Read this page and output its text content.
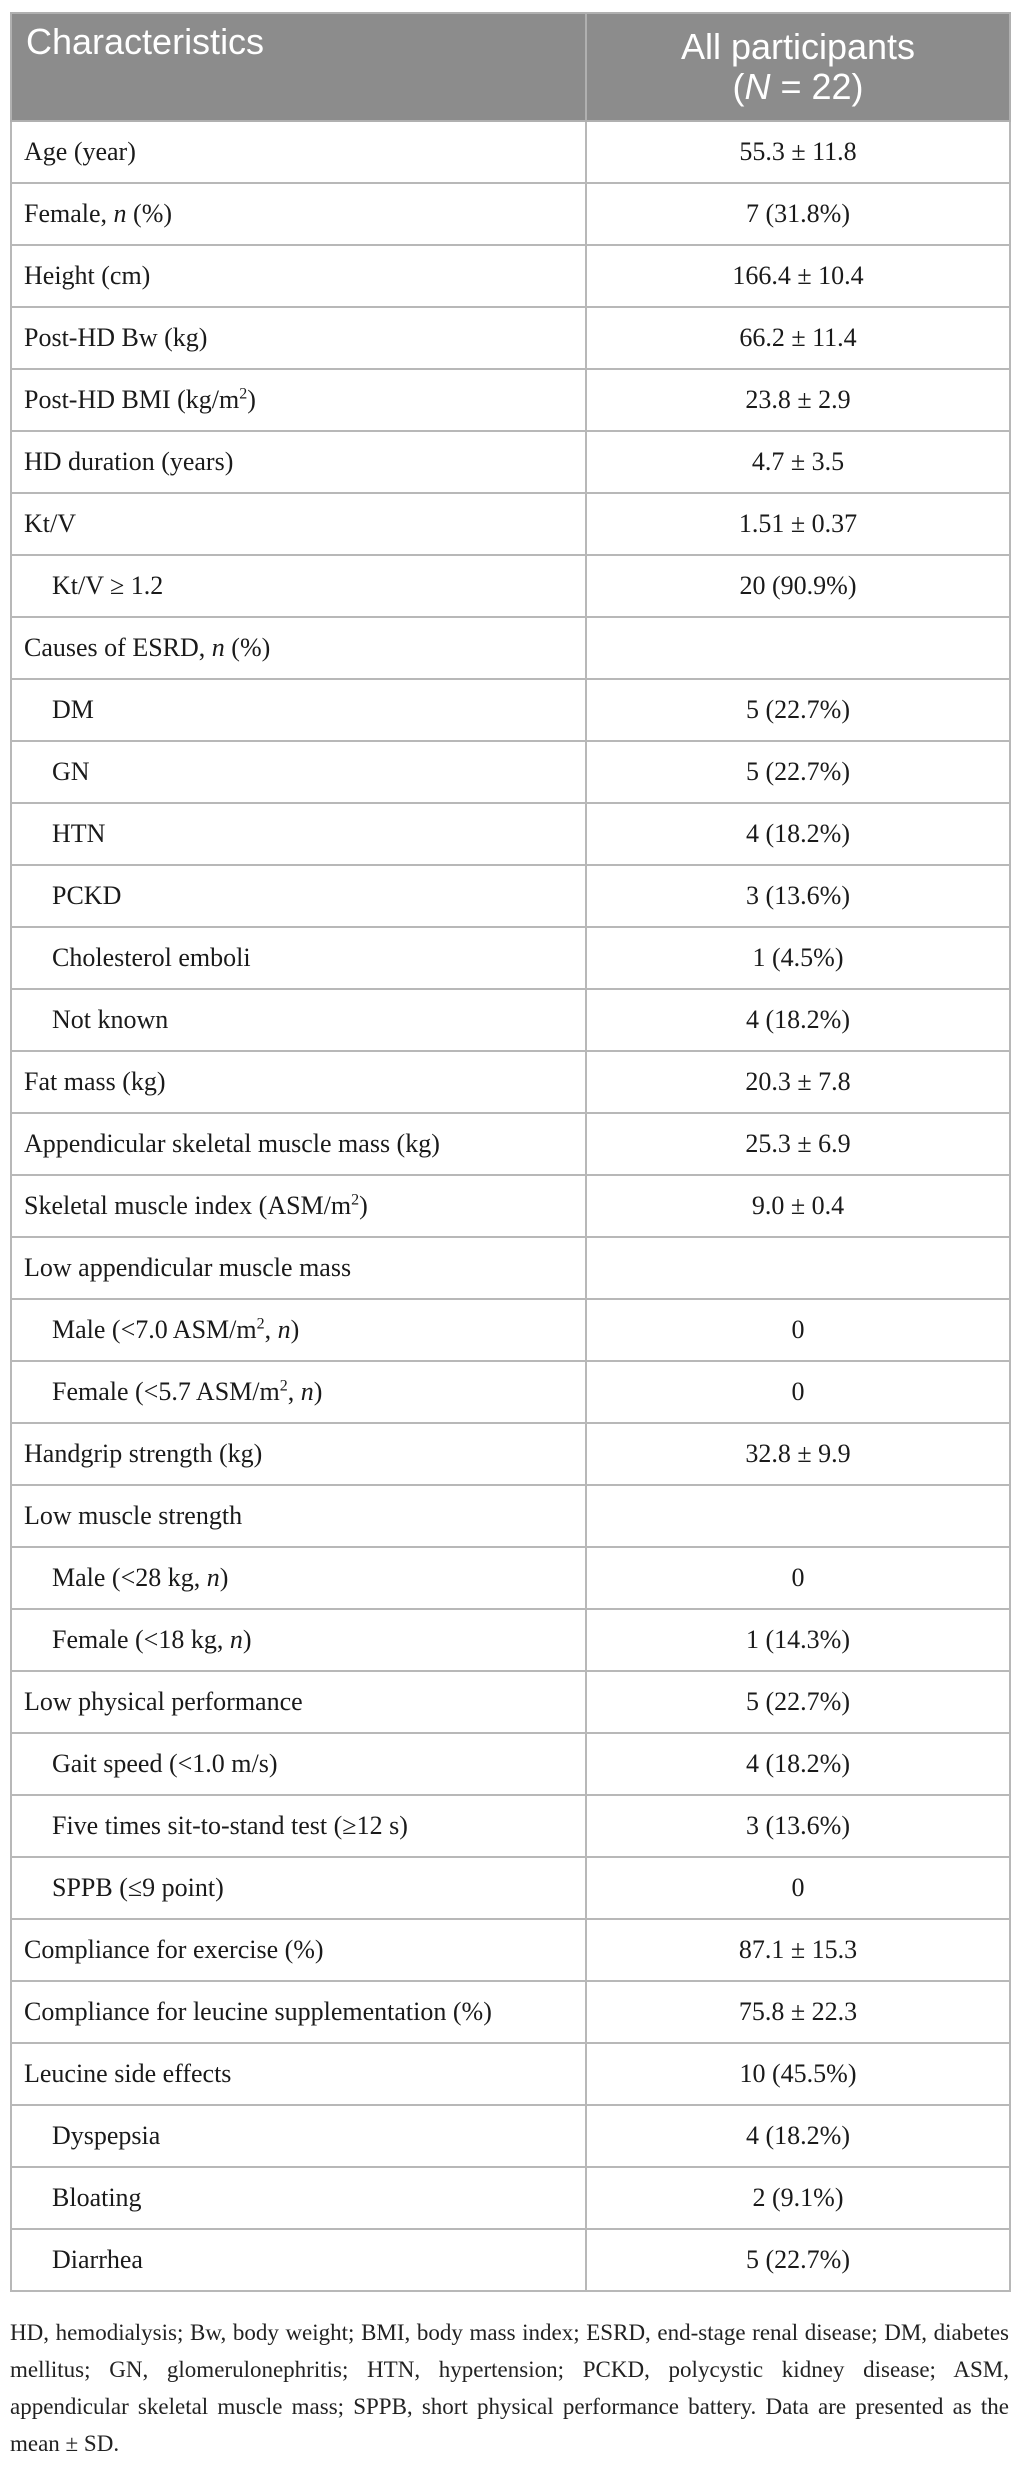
Characteristics	All participants
(N = 22)

Age (year)	55.3 ± 11.8
Female, n (%)	7 (31.8%)
Height (cm)	166.4 ± 10.4
Post-HD Bw (kg)	66.2 ± 11.4
Post-HD BMI $(kg/m^2)$	23.8 ± 2.9
HD duration (years)	4.7 ± 3.5
Kt/V	1.51 ± 0.37
Kt/V ≥ 1.2	20 (90.9%)
Causes of ESRD, n (%)	
DM	5 (22.7%)
GN	5 (22.7%)
HTN	4 (18.2%)
PCKD	3 (13.6%)
Cholesterol emboli	1 (4.5%)
Not known	4 (18.2%)
Fat mass (kg)	20.3 ± 7.8
Appendicular skeletal muscle mass (kg)	25.3 ± 6.9
Skeletal muscle index $(ASM/m^2)$	9.0 ± 0.4
Low appendicular muscle mass	
Male (<7.0 ASM/$m^2$, n)	0
Female (<5.7 ASM/$m^2$, n)	0
Handgrip strength (kg)	32.8 ± 9.9
Low muscle strength	
Male (<28 kg, n)	0
Female (<18 kg, n)	1 (14.3%)
Low physical performance	5 (22.7%)
Gait speed (<1.0 m/s)	4 (18.2%)
Five times sit-to-stand test (≥12 s)	3 (13.6%)
SPPB (≤9 point)	0
Compliance for exercise (%)	87.1 ± 15.3
Compliance for leucine supplementation (%)	75.8 ± 22.3
Leucine side effects	10 (45.5%)
Dyspepsia	4 (18.2%)
Bloating	2 (9.1%)
Diarrhea	5 (22.7%)
HD, hemodialysis; Bw, body weight; BMI, body mass index; ESRD, end-stage renal disease; DM, diabetes mellitus; GN, glomerulonephritis; HTN, hypertension; PCKD, polycystic kidney disease; ASM, appendicular skeletal muscle mass; SPPB, short physical performance battery. Data are presented as the mean ± SD.
